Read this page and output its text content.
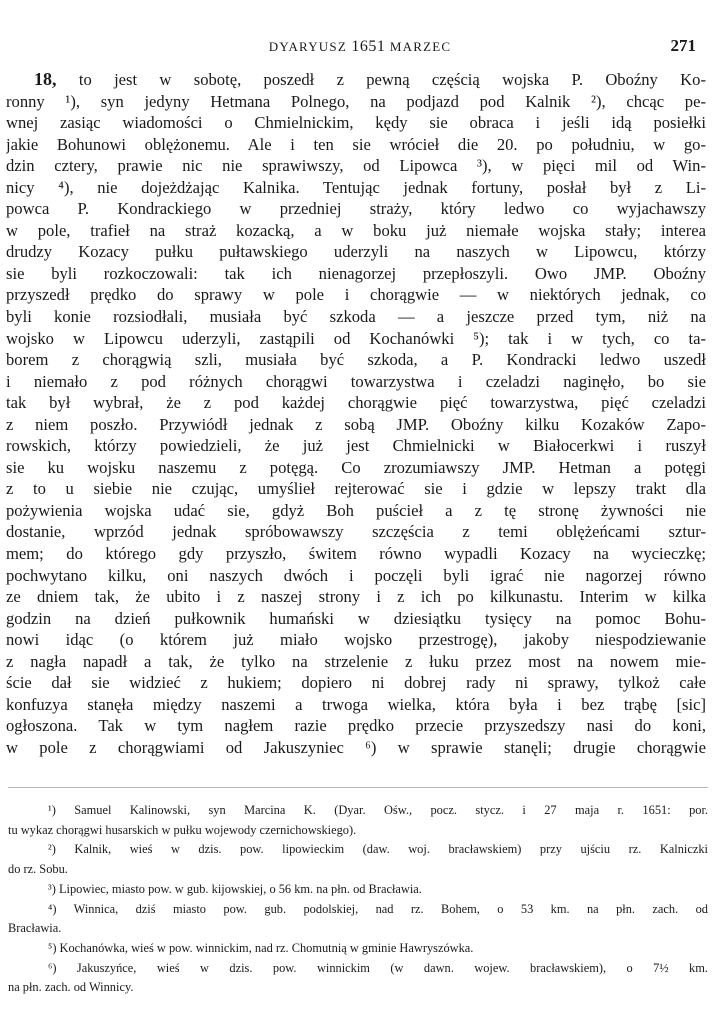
DYARYUSZ 1651 MARZEC	271
18, to jest w sobotę, poszedł z pewną częścią wojska P. Oboźny Ko-
ronny ¹), syn jedyny Hetmana Polnego, na podjazd pod Kalnik ²), chcąc pe-
wnej zasiąc wiadomości o Chmielnickim, kędy sie obraca i jeśli idą posiełki
jakie Bohunowi oblężonemu. Ale i ten sie wrócieł die 20. po południu, w go-
dzin cztery, prawie nic nie sprawiwszy, od Lipowca ³), w pięci mil od Win-
nicy ⁴), nie dojeżdżając Kalnika. Tentując jednak fortuny, posłał był z Li-
powca P. Kondrackiego w przedniej straży, który ledwo co wyjachawszy
w pole, trafieł na straż kozacką, a w boku już niemałe wojska stały; interea
drudzy Kozacy pułku pułtawskiego uderzyli na naszych w Lipowcu, którzy
sie byli rozkoczowali: tak ich nienagorzej przepłoszyli. Owo JMP. Oboźny
przyszedł prędko do sprawy w pole i chorągwie — w niektórych jednak, co
byli konie rozsiodłali, musiała być szkoda — a jeszcze przed tym, niż na
wojsko w Lipowcu uderzyli, zastąpili od Kochanówki ⁵); tak i w tych, co ta-
borem z chorągwią szli, musiała być szkoda, a P. Kondracki ledwo uszedł
i niemało z pod różnych chorągwi towarzystwa i czeladzi naginęło, bo sie
tak był wybrał, że z pod każdej chorągwie pięć towarzystwa, pięć czeladzi
z niem poszło. Przywiódł jednak z sobą JMP. Oboźny kilku Kozaków Zapo-
rowskich, którzy powiedzieli, że już jest Chmielnicki w Białocerkwi i ruszył
sie ku wojsku naszemu z potęgą. Co zrozumiawszy JMP. Hetman a potęgi
z to u siebie nie czując, umyślieł rejterować sie i gdzie w lepszy trakt dla
pożywienia wojska udać sie, gdyż Boh puścieł a z tę stronę żywności nie
dostanie, wprzód jednak spróbowawszy szczęścia z temi oblężeńcami sztur-
mem; do którego gdy przyszło, świtem równo wypadli Kozacy na wycieczkę;
pochwytano kilku, oni naszych dwóch i poczęli byli igrać nie nagorzej równo
ze dniem tak, że ubito i z naszej strony i z ich po kilkunastu. Interim w kilka
godzin na dzień pułkownik humański w dziesiątku tysięcy na pomoc Bohu-
nowi idąc (o którem już miało wojsko przestrogę), jakoby niespodziewanie
z nagła napadł a tak, że tylko na strzelenie z łuku przez most na nowem mie-
ście dał sie widzieć z hukiem; dopiero ni dobrej rady ni sprawy, tylkoż całe
konfuzya stanęła między naszemi a trwoga wielka, która była i bez trąbę [sic]
ogłoszona. Tak w tym nagłem razie prędko przecie przyszedszy nasi do koni,
w pole z chorągwiami od Jakuszyniec ⁶) w sprawie stanęli; drugie chorągwie
¹) Samuel Kalinowski, syn Marcina K. (Dyar. Ośw., pocz. stycz. i 27 maja r. 1651: por.
tu wykaz chorągwi husarskich w pułku wojewody czernichowskiego).
²) Kalnik, wieś w dzis. pow. lipowieckim (daw. woj. bracławskiem) przy ujściu rz. Kalniczki
do rz. Sobu.
³) Lipowiec, miasto pow. w gub. kijowskiej, o 56 km. na płn. od Bracławia.
⁴) Winnica, dziś miasto pow. gub. podolskiej, nad rz. Bohem, o 53 km. na płn. zach. od
Bracławia.
⁵) Kochanówka, wieś w pow. winnickim, nad rz. Chomutnią w gminie Hawryszówka.
⁶) Jakuszyńce, wieś w dzis. pow. winnickim (w dawn. wojew. bracławskiem), o 7½ km.
na płn. zach. od Winnicy.
